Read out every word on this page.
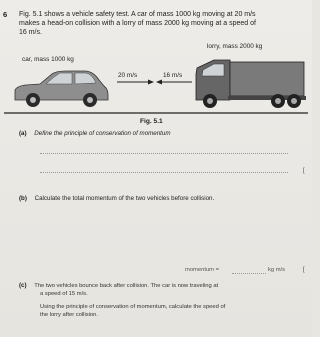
6 Fig. 5.1 shows a vehicle safety test. A car of mass 1000 kg moving at 20 m/s
makes a head-on collision with a lorry of mass 2000 kg moving at a speed of
16 m/s.
lorry, mass 2000 kg
car, mass 1000 kg
20 m/s	16 m/s
Fig. 5.1
(a) Define the principle of conservation of momentum
[
(b) Calculate the total momentum of the two vehicles before collision.
momentum =	kg m/s	[
(c) The two vehicles bounce back after collision. The car is now traveling at
a speed of 15 m/s.
Using the principle of conservation of momentum, calculate the speed of
the lorry after collision.
